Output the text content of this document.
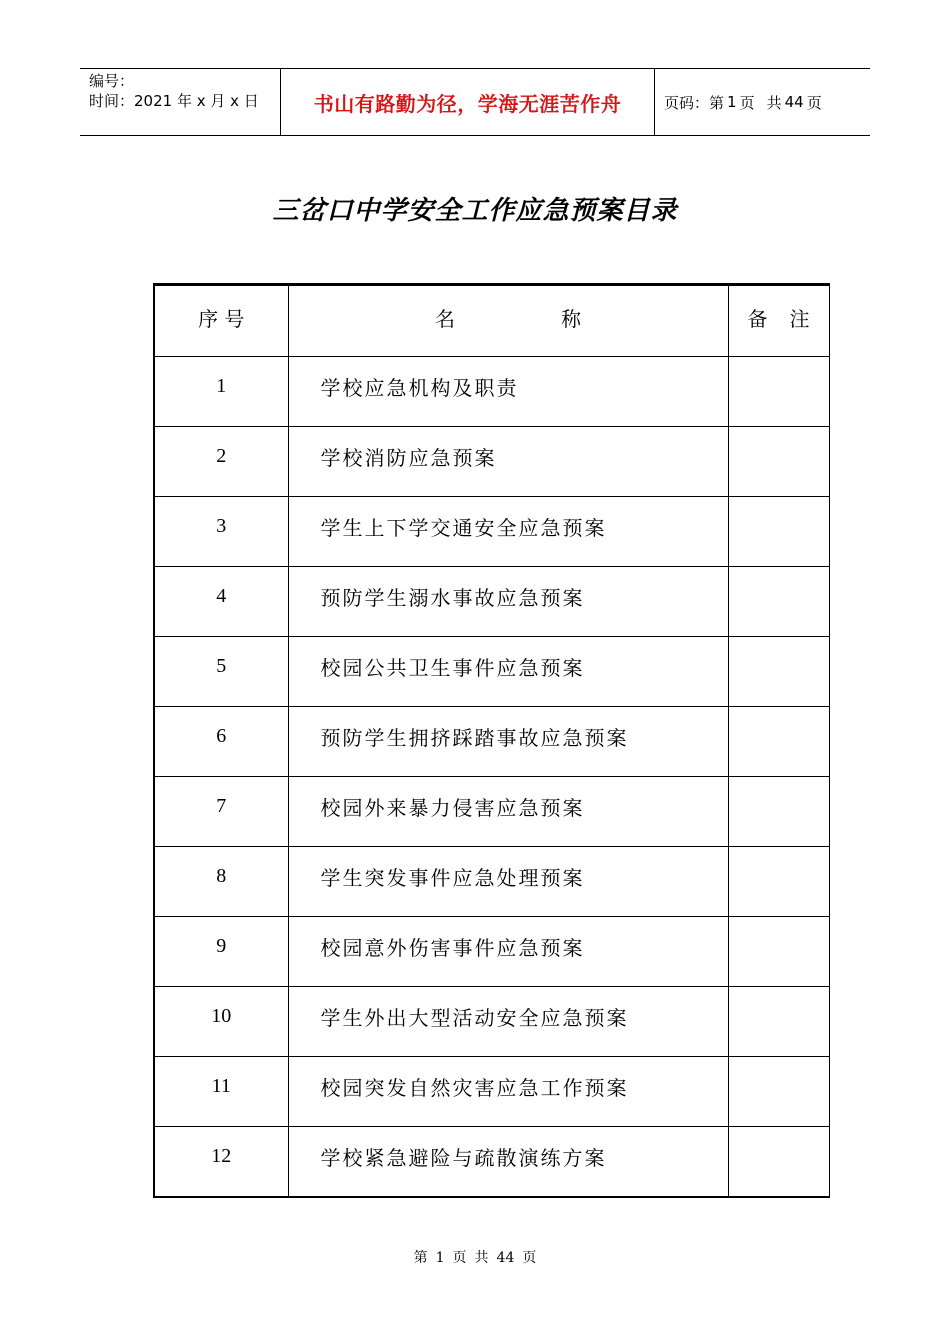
编号：
时间：2021 年 x 月 x 日	书山有路勤为径，学海无涯苦作舟	页码：第 1 页 共 44 页
三岔口中学安全工作应急预案目录
序 号	名 称	备 注
1	学校应急机构及职责	
2	学校消防应急预案	
3	学生上下学交通安全应急预案	
4	预防学生溺水事故应急预案	
5	校园公共卫生事件应急预案	
6	预防学生拥挤踩踏事故应急预案	
7	校园外来暴力侵害应急预案	
8	学生突发事件应急处理预案	
9	校园意外伤害事件应急预案	
10	学生外出大型活动安全应急预案	
11	校园突发自然灾害应急工作预案	
12	学校紧急避险与疏散演练方案	
第 1 页 共 44 页
